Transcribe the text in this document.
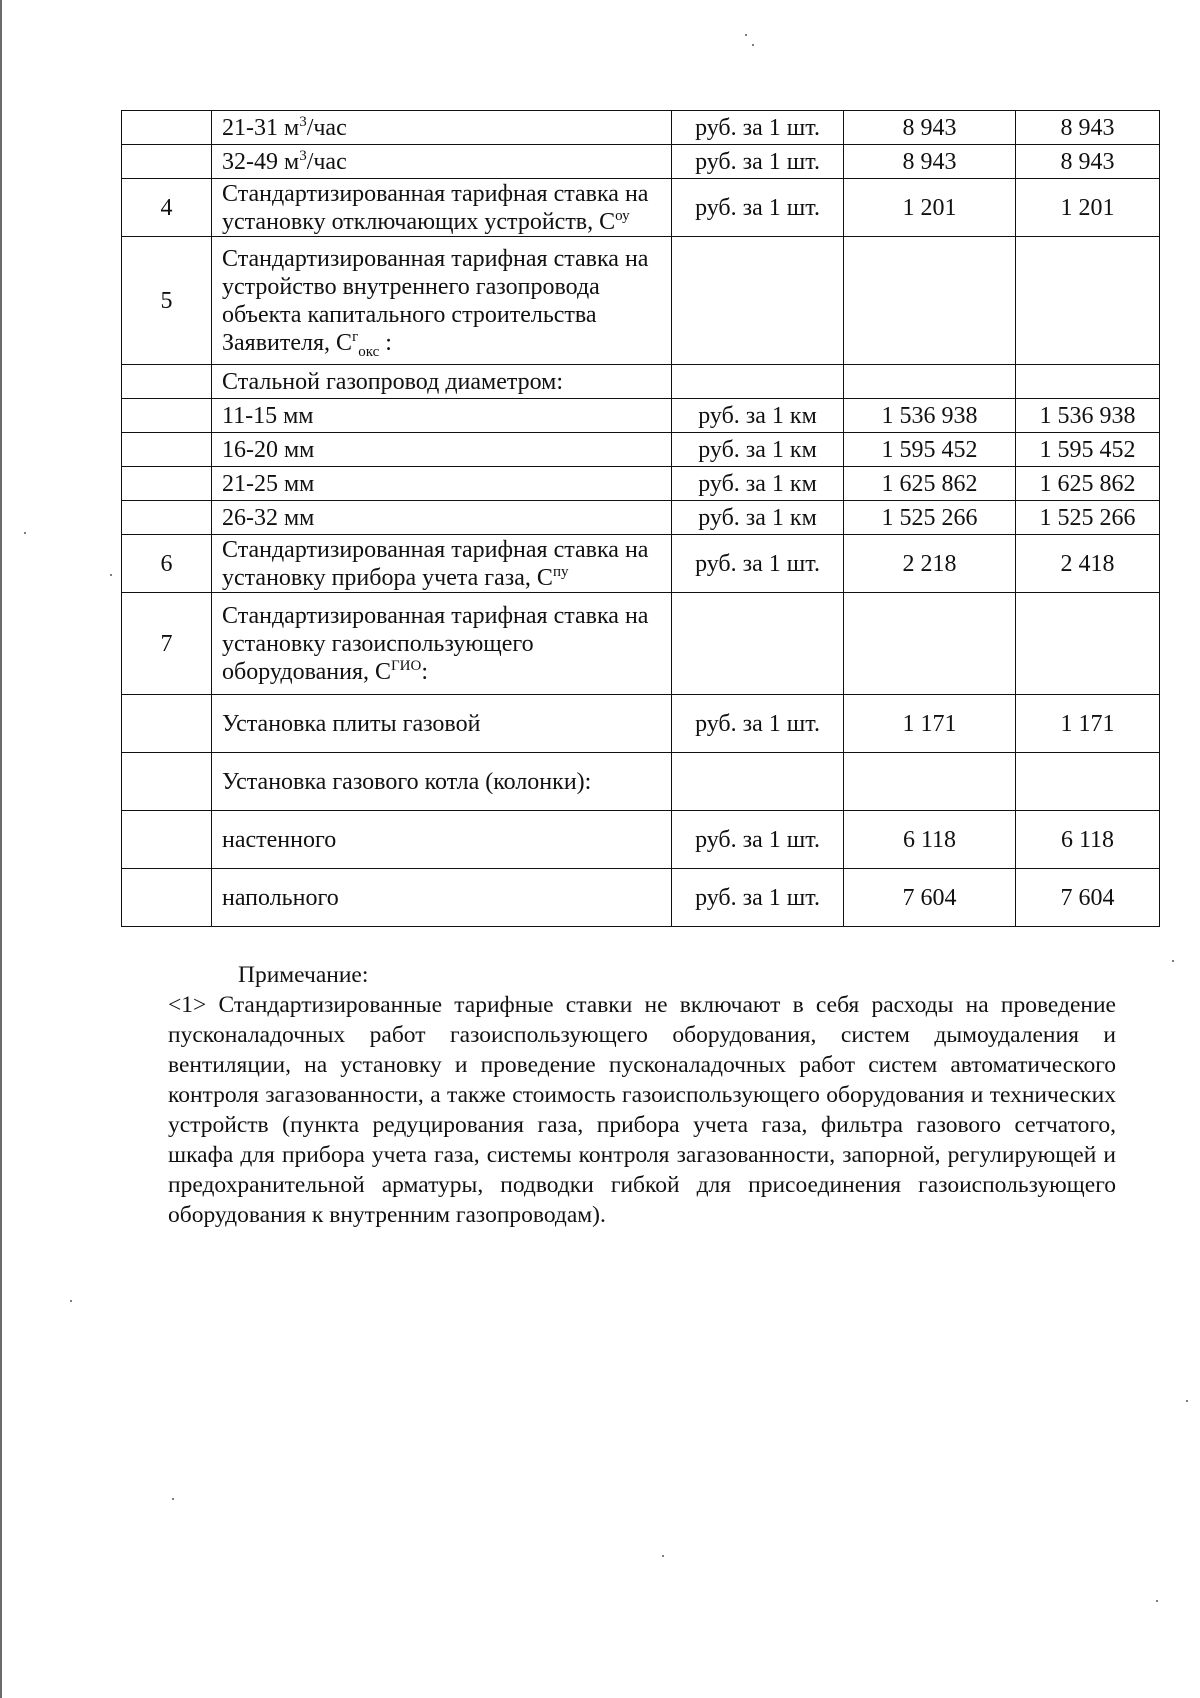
	21-31 $м^3$/час	руб. за 1 шт.	8 943	8 943
	32-49 $м^3$/час	руб. за 1 шт.	8 943	8 943
4	Стандартизированная тарифная ставка на установку отключающих устройств, $С^{оу}$	руб. за 1 шт.	1 201	1 201
5	Стандартизированная тарифная ставка на устройство внутреннего газопровода объекта капитального строительства Заявителя, $С^г_{окс}$ :			
	Стальной газопровод диаметром:			
	11-15 мм	руб. за 1 км	1 536 938	1 536 938
	16-20 мм	руб. за 1 км	1 595 452	1 595 452
	21-25 мм	руб. за 1 км	1 625 862	1 625 862
	26-32 мм	руб. за 1 км	1 525 266	1 525 266
6	Стандартизированная тарифная ставка на установку прибора учета газа, $С^{пу}$	руб. за 1 шт.	2 218	2 418
7	Стандартизированная тарифная ставка на установку газоиспользующего оборудования, $С^{ГИО}$:			
	Установка плиты газовой	руб. за 1 шт.	1 171	1 171
	Установка газового котла (колонки):			
	настенного	руб. за 1 шт.	6 118	6 118
	напольного	руб. за 1 шт.	7 604	7 604

Примечание:

<1> Стандартизированные тарифные ставки не включают в себя расходы на проведение пусконаладочных работ газоиспользующего оборудования, систем дымоудаления и вентиляции, на установку и проведение пусконаладочных работ систем автоматического контроля загазованности, а также стоимость газоиспользующего оборудования и технических устройств (пункта редуцирования газа, прибора учета газа, фильтра газового сетчатого, шкафа для прибора учета газа, системы контроля загазованности, запорной, регулирующей и предохранительной арматуры, подводки гибкой для присоединения газоиспользующего оборудования к внутренним газопроводам).
